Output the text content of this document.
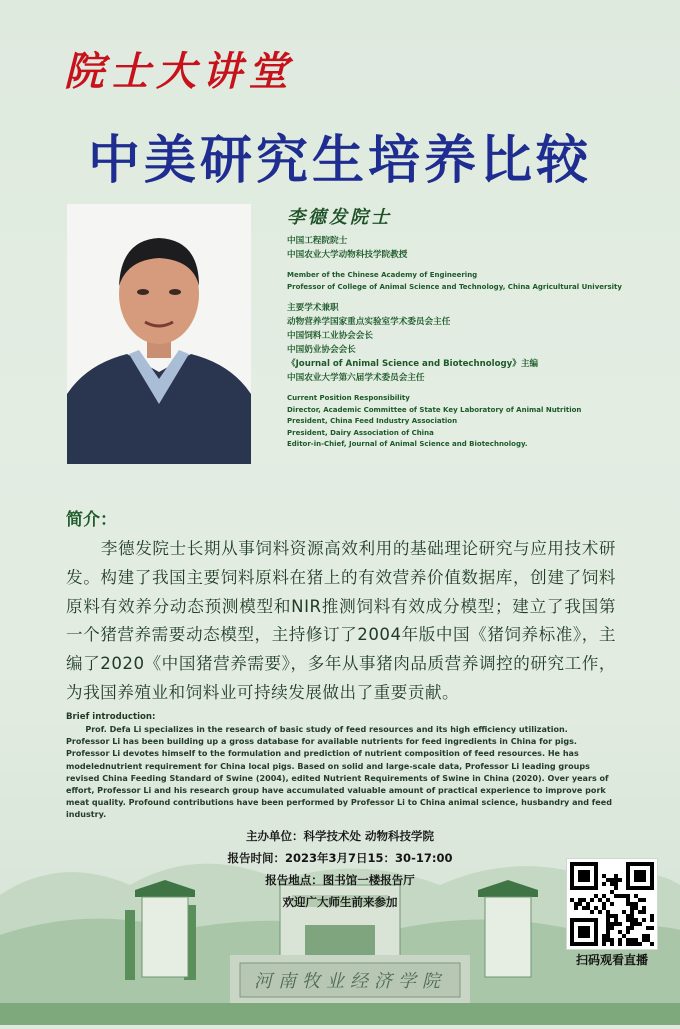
院士大讲堂
中美研究生培养比较
李德发院士
中国工程院院士
中国农业大学动物科技学院教授
Member of the Chinese Academy of Engineering
Professor of College of Animal Science and Technology, China Agricultural University
主要学术兼职
动物营养学国家重点实验室学术委员会主任
中国饲料工业协会会长
中国奶业协会会长
《Journal of Animal Science and Biotechnology》主编
中国农业大学第六届学术委员会主任
Current Position Responsibility
Director, Academic Committee of State Key Laboratory of Animal Nutrition
President, China Feed Industry Association
President, Dairy Association of China
Editor-in-Chief, Journal of Animal Science and Biotechnology.
简介：
李德发院士长期从事饲料资源高效利用的基础理论研究与应用技术研发。构建了我国主要饲料原料在猪上的有效营养价值数据库，创建了饲料原料有效养分动态预测模型和NIR推测饲料有效成分模型；建立了我国第一个猪营养需要动态模型，主持修订了2004年版中国《猪饲养标准》，主编了2020《中国猪营养需要》，多年从事猪肉品质营养调控的研究工作，为我国养殖业和饲料业可持续发展做出了重要贡献。
Brief introduction:
Prof. Defa Li specializes in the research of basic study of feed resources and its high efficiency utilization. Professor Li has been building up a gross database for available nutrients for feed ingredients in China for pigs. Professor Li devotes himself to the formulation and prediction of nutrient composition of feed resources. He has modelednutrient requirement for China local pigs. Based on solid and large-scale data, Professor Li leading groups revised China Feeding Standard of Swine (2004), edited Nutrient Requirements of Swine in China (2020). Over years of effort, Professor Li and his research group have accumulated valuable amount of practical experience to improve pork meat quality. Profound contributions have been performed by Professor Li to China animal science, husbandry and feed industry.
河南牧业经济学院
主办单位：科学技术处 动物科技学院
报告时间：2023年3月7日15：30-17:00
报告地点：图书馆一楼报告厅
欢迎广大师生前来参加
扫码观看直播
